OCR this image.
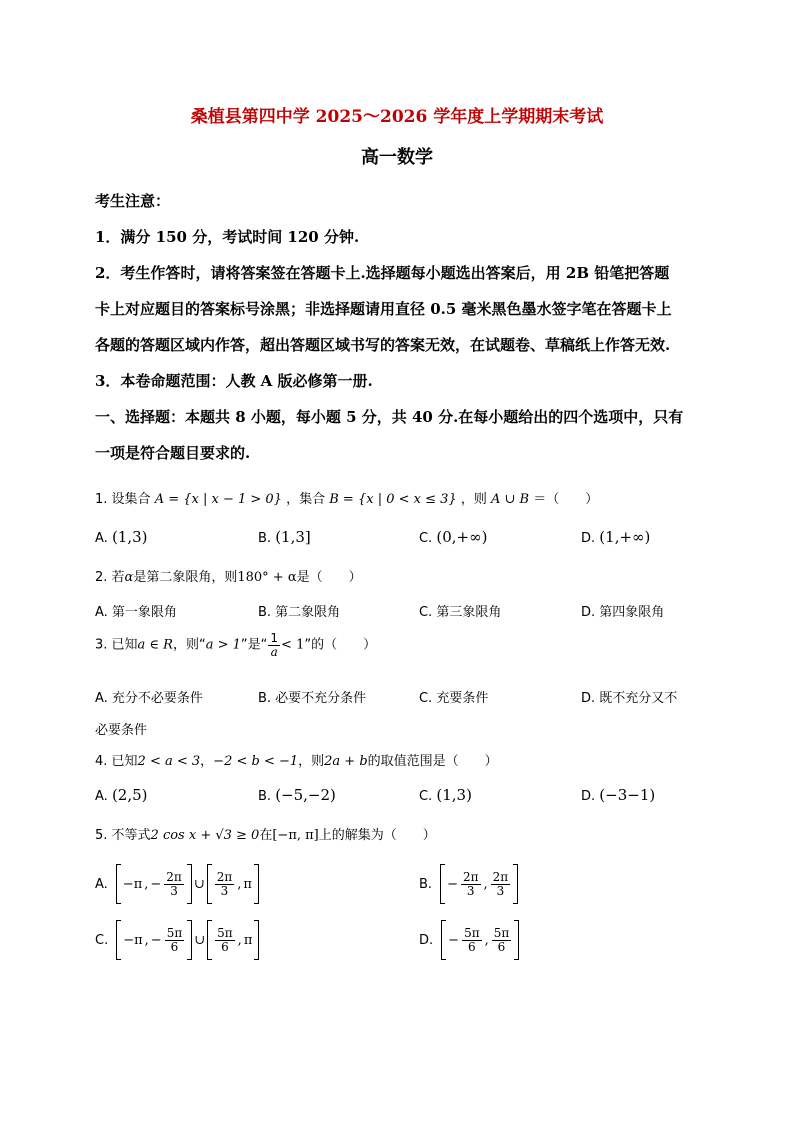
桑植县第四中学 2025～2026 学年度上学期期末考试
高一数学
考生注意：
1．满分 150 分，考试时间 120 分钟.
2．考生作答时，请将答案签在答题卡上.选择题每小题选出答案后，用 2B 铅笔把答题
卡上对应题目的答案标号涂黑；非选择题请用直径 0.5 毫米黑色墨水签字笔在答题卡上
各题的答题区域内作答，超出答题区域书写的答案无效，在试题卷、草稿纸上作答无效.
3．本卷命题范围：人教 A 版必修第一册.
一、选择题：本题共 8 小题，每小题 5 分，共 40 分.在每小题给出的四个选项中，只有
一项是符合题目要求的.
1. 设集合 A = {x | x − 1 > 0} ，集合 B = {x | 0 < x ≤ 3} ，则 A ∪ B ＝（　　）
A. (1,3)	B. (1,3]	C. (0,+∞)	D. (1,+∞)
2. 若α是第二象限角，则180° + α是（　　）
A. 第一象限角	B. 第二象限角	C. 第三象限角	D. 第四象限角
3. 已知a ∈ R，则“a > 1”是“ $\frac{1}{a} < 1$”的（　　）
A. 充分不必要条件	B. 必要不充分条件	C. 充要条件	D. 既不充分又不
必要条件
4. 已知2 < a < 3，−2 < b < −1，则2a + b的取值范围是（　　）
A. (2,5)	B. (−5,−2)	C. (1,3)	D. (−3−1)
5. 不等式2 cos x + √3 ≥ 0在[−π, π]上的解集为（　　）
A. −π , − $\frac{2\pi}{3}$ ∪ $\frac{2\pi}{3}$ , π	B. − $\frac{2\pi}{3}$ , $\frac{2\pi}{3}$
C. −π , − $\frac{5\pi}{6}$ ∪ $\frac{5\pi}{6}$ , π	D. − $\frac{5\pi}{6}$ , $\frac{5\pi}{6}$
